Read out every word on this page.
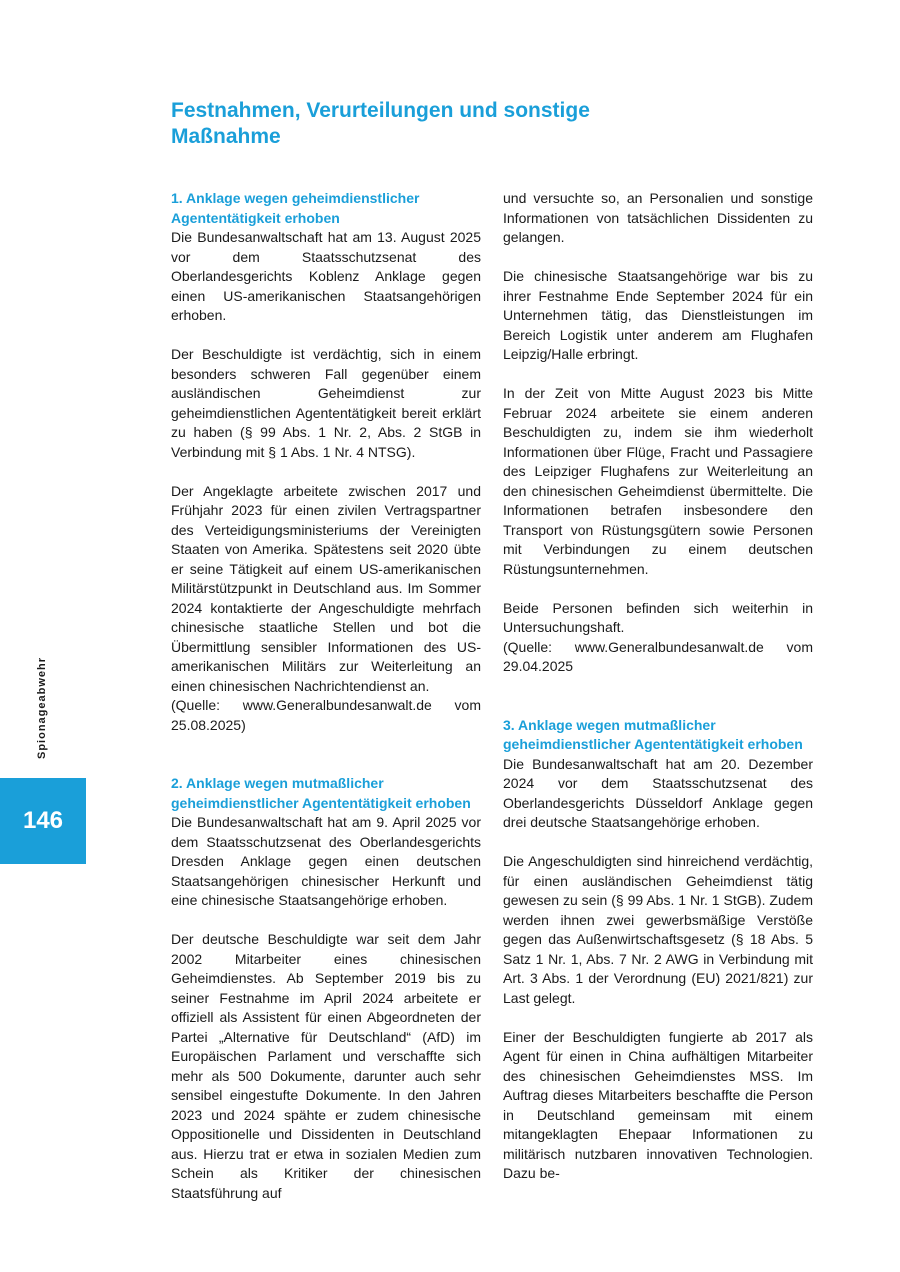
Festnahmen, Verurteilungen und sonstige Maßnahme

1. Anklage wegen geheimdienstlicher Agententätigkeit erhoben

Die Bundesanwaltschaft hat am 13. August 2025 vor dem Staatsschutzsenat des Oberlandesgerichts Koblenz Anklage gegen einen US-amerikanischen Staatsangehörigen erhoben.

Der Beschuldigte ist verdächtig, sich in einem besonders schweren Fall gegenüber einem ausländischen Geheimdienst zur geheimdienstlichen Agententätigkeit bereit erklärt zu haben (§ 99 Abs. 1 Nr. 2, Abs. 2 StGB in Verbindung mit § 1 Abs. 1 Nr. 4 NTSG).

Der Angeklagte arbeitete zwischen 2017 und Frühjahr 2023 für einen zivilen Vertragspartner des Verteidigungsministeriums der Vereinigten Staaten von Amerika. Spätestens seit 2020 übte er seine Tätigkeit auf einem US-amerikanischen Militärstützpunkt in Deutschland aus. Im Sommer 2024 kontaktierte der Angeschuldigte mehrfach chinesische staatliche Stellen und bot die Übermittlung sensibler Informationen des US-amerikanischen Militärs zur Weiterleitung an einen chinesischen Nachrichtendienst an.

(Quelle: www.Generalbundesanwalt.de vom 25.08.2025)

2. Anklage wegen mutmaßlicher geheimdienstlicher Agententätigkeit erhoben

Die Bundesanwaltschaft hat am 9. April 2025 vor dem Staatsschutzsenat des Oberlandesgerichts Dresden Anklage gegen einen deutschen Staatsangehörigen chinesischer Herkunft und eine chinesische Staatsangehörige erhoben.

Der deutsche Beschuldigte war seit dem Jahr 2002 Mitarbeiter eines chinesischen Geheimdienstes. Ab September 2019 bis zu seiner Festnahme im April 2024 arbeitete er offiziell als Assistent für einen Abgeordneten der Partei „Alternative für Deutschland“ (AfD) im Europäischen Parlament und verschaffte sich mehr als 500 Dokumente, darunter auch sehr sensibel eingestufte Dokumente. In den Jahren 2023 und 2024 spähte er zudem chinesische Oppositionelle und Dissidenten in Deutschland aus. Hierzu trat er etwa in sozialen Medien zum Schein als Kritiker der chinesischen Staatsführung auf

und versuchte so, an Personalien und sonstige Informationen von tatsächlichen Dissidenten zu gelangen.

Die chinesische Staatsangehörige war bis zu ihrer Festnahme Ende September 2024 für ein Unternehmen tätig, das Dienstleistungen im Bereich Logistik unter anderem am Flughafen Leipzig/Halle erbringt.

In der Zeit von Mitte August 2023 bis Mitte Februar 2024 arbeitete sie einem anderen Beschuldigten zu, indem sie ihm wiederholt Informationen über Flüge, Fracht und Passagiere des Leipziger Flughafens zur Weiterleitung an den chinesischen Geheimdienst übermittelte. Die Informationen betrafen insbesondere den Transport von Rüstungsgütern sowie Personen mit Verbindungen zu einem deutschen Rüstungsunternehmen.

Beide Personen befinden sich weiterhin in Untersuchungshaft.

(Quelle: www.Generalbundesanwalt.de vom 29.04.2025

3. Anklage wegen mutmaßlicher geheimdienstlicher Agententätigkeit erhoben

Die Bundesanwaltschaft hat am 20. Dezember 2024 vor dem Staatsschutzsenat des Oberlandesgerichts Düsseldorf Anklage gegen drei deutsche Staatsangehörige erhoben.

Die Angeschuldigten sind hinreichend verdächtig, für einen ausländischen Geheimdienst tätig gewesen zu sein (§ 99 Abs. 1 Nr. 1 StGB). Zudem werden ihnen zwei gewerbsmäßige Verstöße gegen das Außenwirtschaftsgesetz (§ 18 Abs. 5 Satz 1 Nr. 1, Abs. 7 Nr. 2 AWG in Verbindung mit Art. 3 Abs. 1 der Verordnung (EU) 2021/821) zur Last gelegt.

Einer der Beschuldigten fungierte ab 2017 als Agent für einen in China aufhältigen Mitarbeiter des chinesischen Geheimdienstes MSS. Im Auftrag dieses Mitarbeiters beschaffte die Person in Deutschland gemeinsam mit einem mitangeklagten Ehepaar Informationen zu militärisch nutzbaren innovativen Technologien. Dazu be-

Spionageabwehr
146
